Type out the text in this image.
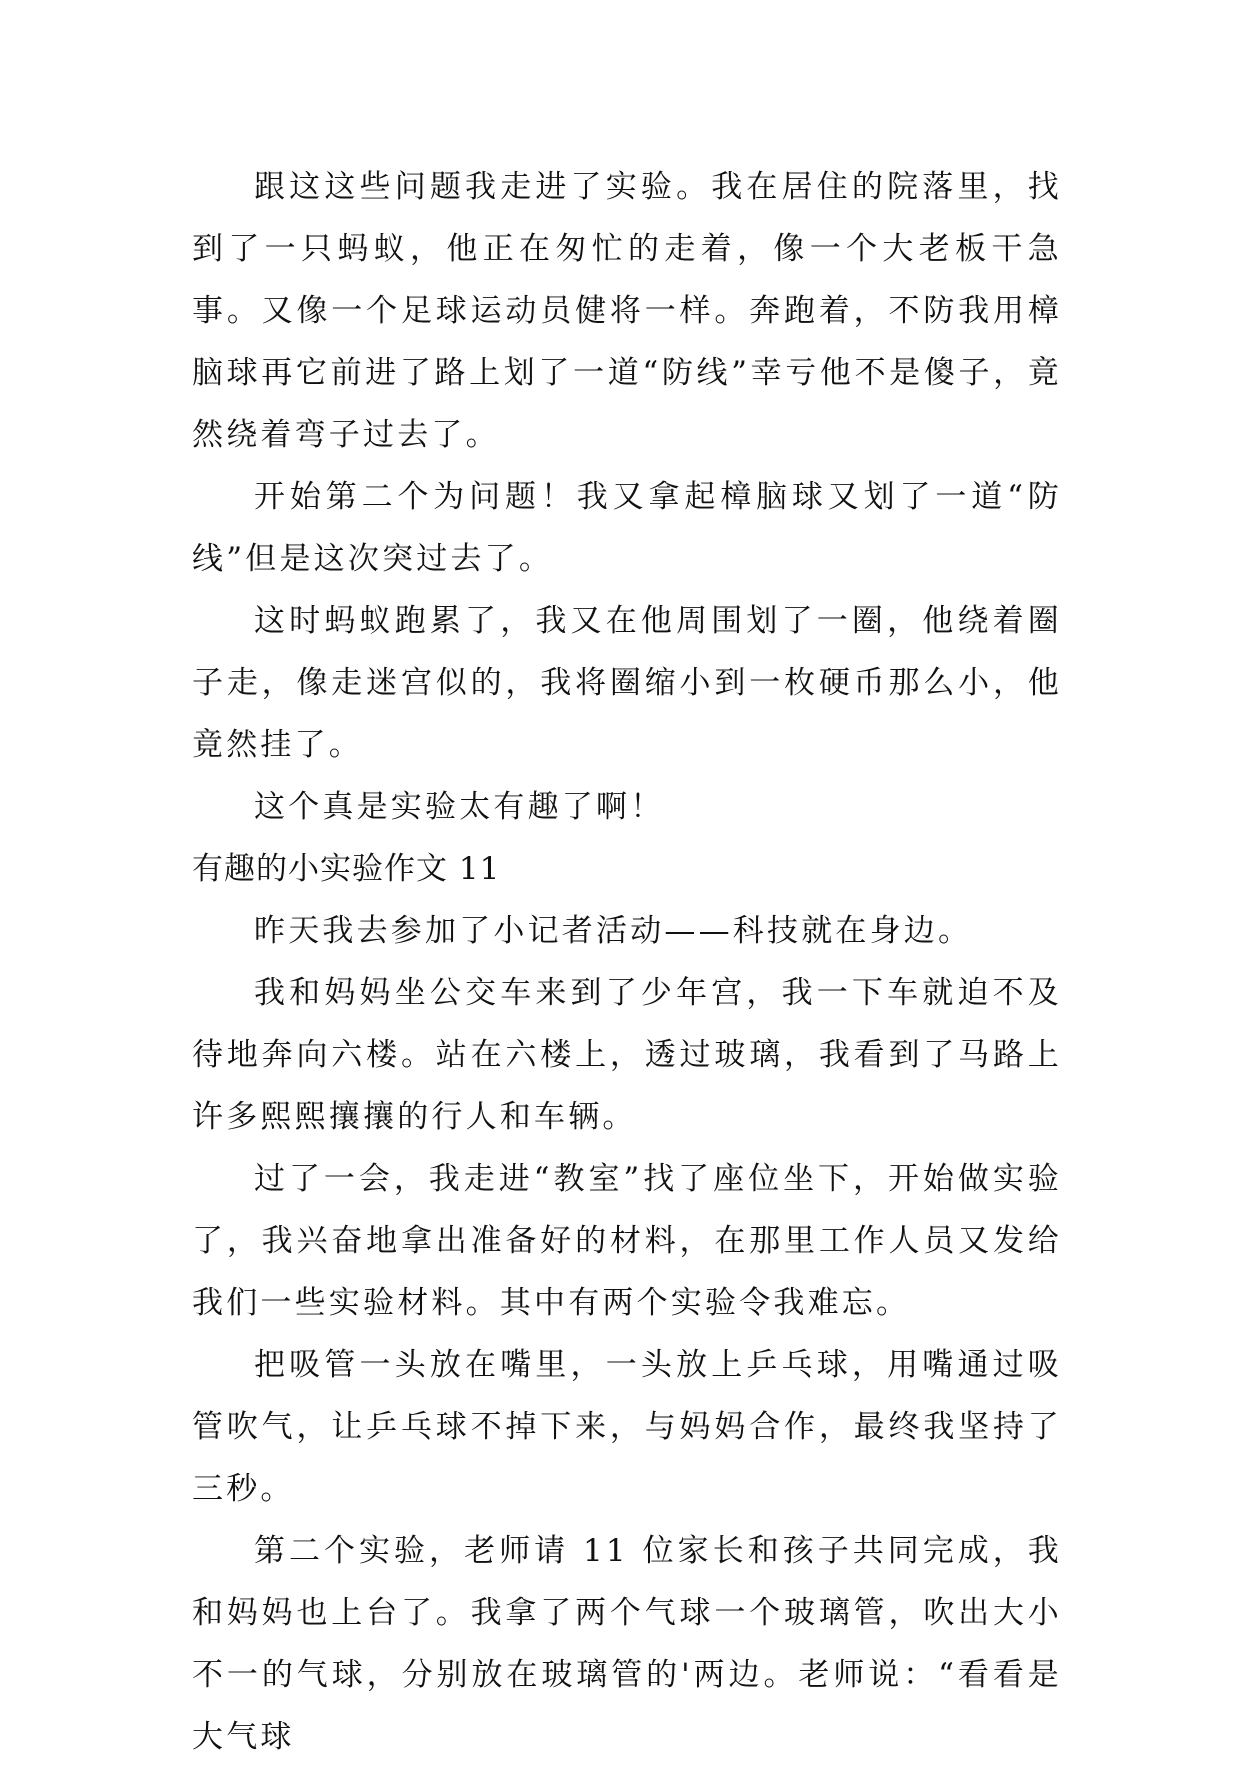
跟这这些问题我走进了实验。我在居住的院落里，找到了一只蚂蚁，他正在匆忙的走着，像一个大老板干急事。又像一个足球运动员健将一样。奔跑着，不防我用樟脑球再它前进了路上划了一道“防线”幸亏他不是傻子，竟然绕着弯子过去了。

开始第二个为问题！我又拿起樟脑球又划了一道“防线”但是这次突过去了。

这时蚂蚁跑累了，我又在他周围划了一圈，他绕着圈子走，像走迷宫似的，我将圈缩小到一枚硬币那么小，他竟然挂了。

这个真是实验太有趣了啊！

有趣的小实验作文 11

昨天我去参加了小记者活动——科技就在身边。

我和妈妈坐公交车来到了少年宫，我一下车就迫不及待地奔向六楼。站在六楼上，透过玻璃，我看到了马路上许多熙熙攘攘的行人和车辆。

过了一会，我走进“教室”找了座位坐下，开始做实验了，我兴奋地拿出准备好的材料，在那里工作人员又发给我们一些实验材料。其中有两个实验令我难忘。

把吸管一头放在嘴里，一头放上乒乓球，用嘴通过吸管吹气，让乒乓球不掉下来，与妈妈合作，最终我坚持了三秒。

第二个实验，老师请 11 位家长和孩子共同完成，我和妈妈也上台了。我拿了两个气球一个玻璃管，吹出大小不一的气球，分别放在玻璃管的'两边。老师说：“看看是大气球
